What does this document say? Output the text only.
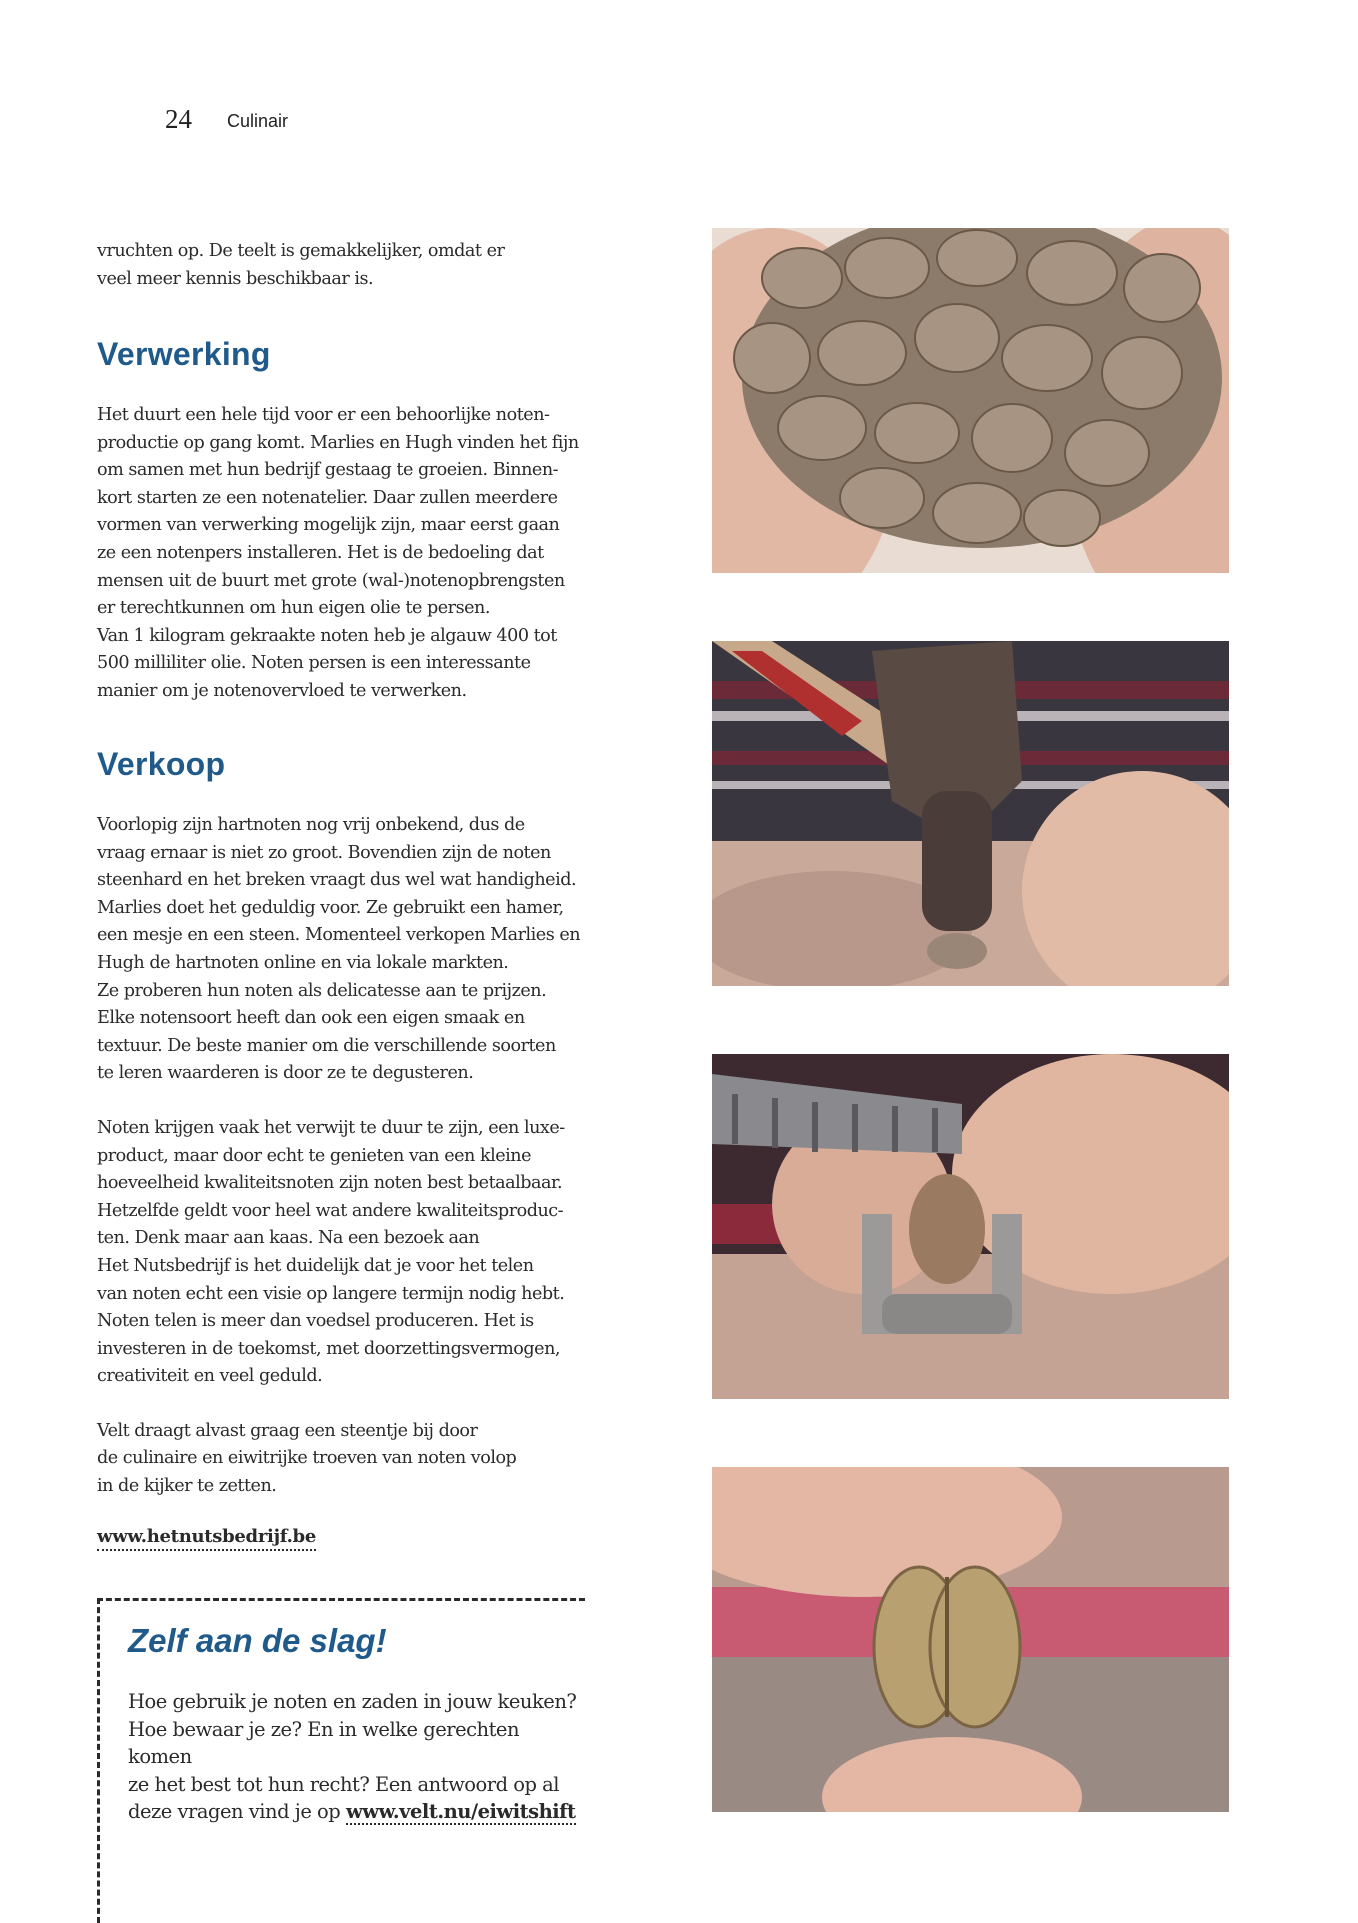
24 Culinair

vruchten op. De teelt is gemakkelijker, omdat er
veel meer kennis beschikbaar is.

Verwerking

Het duurt een hele tijd voor er een behoorlijke noten-
productie op gang komt. Marlies en Hugh vinden het fijn
om samen met hun bedrijf gestaag te groeien. Binnen-
kort starten ze een notenatelier. Daar zullen meerdere
vormen van verwerking mogelijk zijn, maar eerst gaan
ze een notenpers installeren. Het is de bedoeling dat
mensen uit de buurt met grote (wal-)notenopbrengsten
er terechtkunnen om hun eigen olie te persen.
Van 1 kilogram gekraakte noten heb je algauw 400 tot
500 milliliter olie. Noten persen is een interessante
manier om je notenovervloed te verwerken.

Verkoop

Voorlopig zijn hartnoten nog vrij onbekend, dus de
vraag ernaar is niet zo groot. Bovendien zijn de noten
steenhard en het breken vraagt dus wel wat handigheid.
Marlies doet het geduldig voor. Ze gebruikt een hamer,
een mesje en een steen. Momenteel verkopen Marlies en
Hugh de hartnoten online en via lokale markten.
Ze proberen hun noten als delicatesse aan te prijzen.
Elke notensoort heeft dan ook een eigen smaak en
textuur. De beste manier om die verschillende soorten
te leren waarderen is door ze te degusteren.

Noten krijgen vaak het verwijt te duur te zijn, een luxe-
product, maar door echt te genieten van een kleine
hoeveelheid kwaliteitsnoten zijn noten best betaalbaar.
Hetzelfde geldt voor heel wat andere kwaliteitsproduc-
ten. Denk maar aan kaas. Na een bezoek aan
Het Nutsbedrijf is het duidelijk dat je voor het telen
van noten echt een visie op langere termijn nodig hebt.
Noten telen is meer dan voedsel produceren. Het is
investeren in de toekomst, met doorzettingsvermogen,
creativiteit en veel geduld.

Velt draagt alvast graag een steentje bij door
de culinaire en eiwitrijke troeven van noten volop
in de kijker te zetten.

www.hetnutsbedrijf.be
Zelf aan de slag!
Hoe gebruik je noten en zaden in jouw keuken?
Hoe bewaar je ze? En in welke gerechten komen
ze het best tot hun recht? Een antwoord op al
deze vragen vind je op www.velt.nu/eiwitshift
